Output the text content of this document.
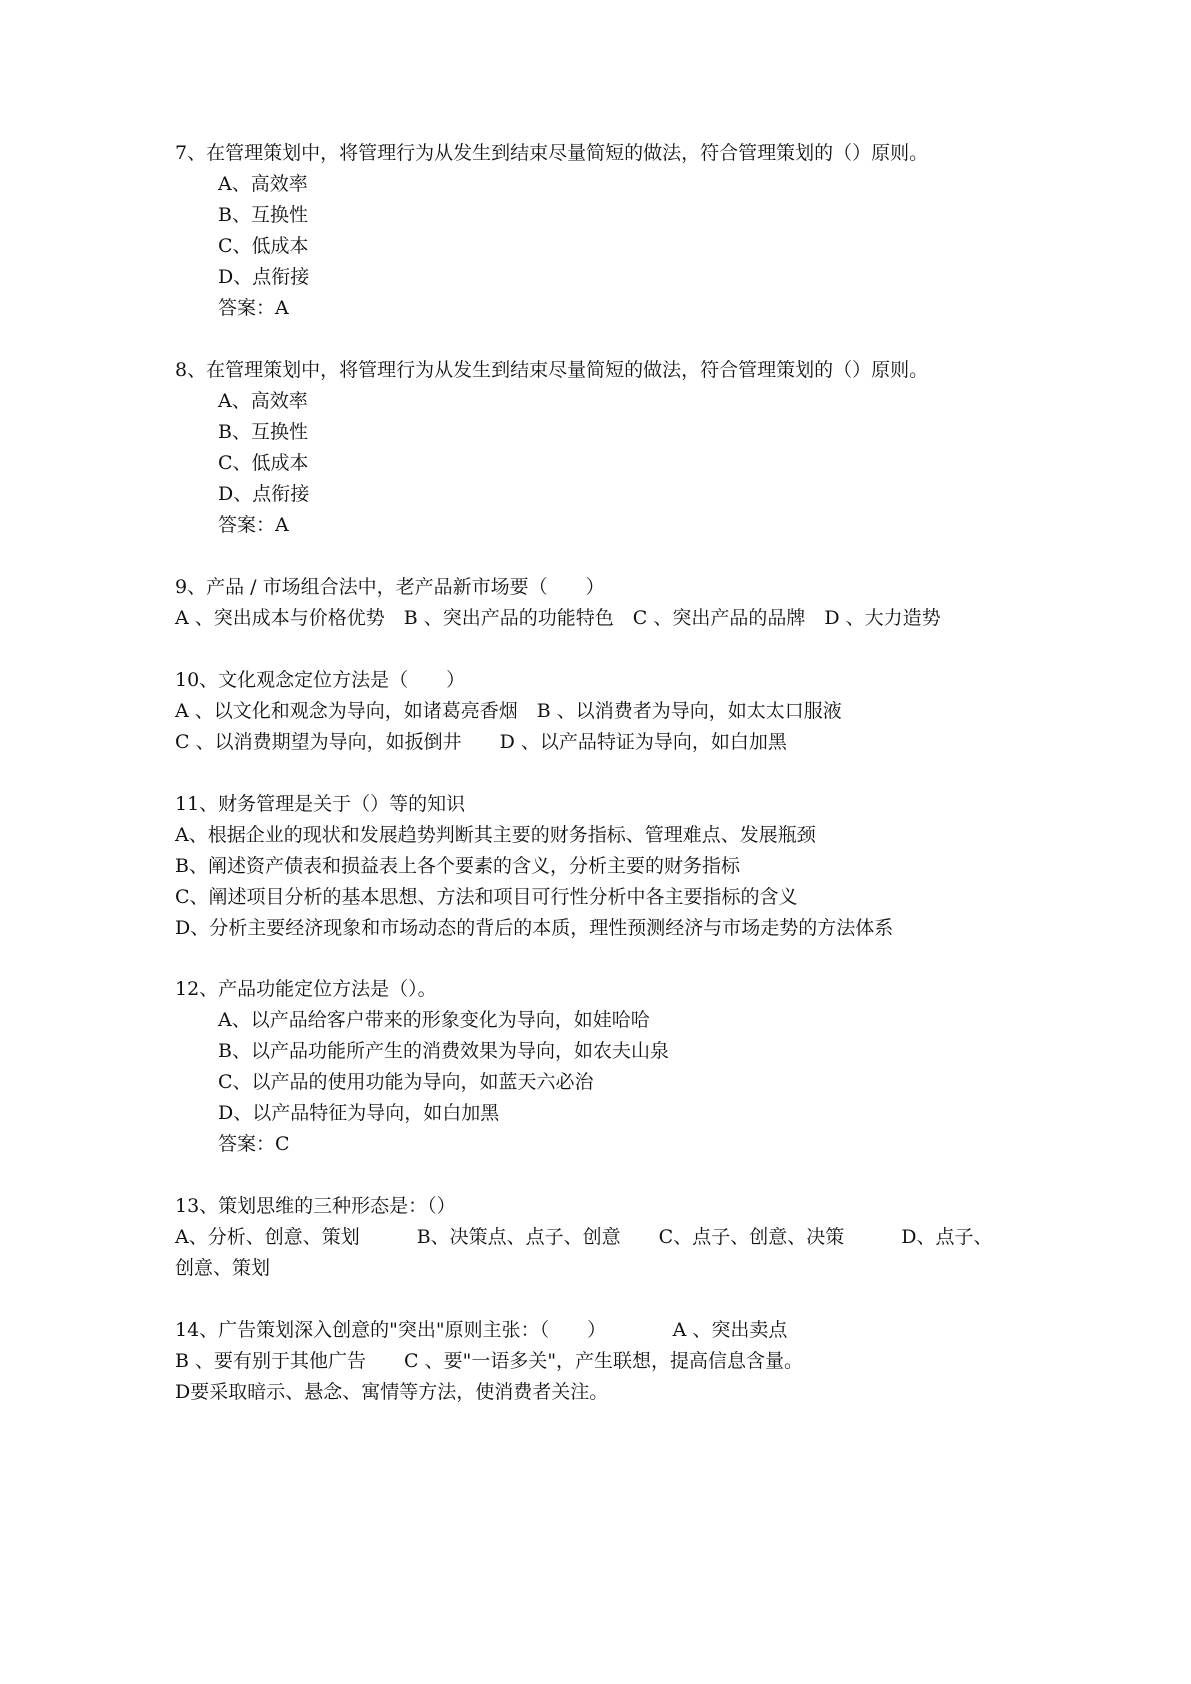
7、在管理策划中，将管理行为从发生到结束尽量简短的做法，符合管理策划的（）原则。
A、高效率
B、互换性
C、低成本
D、点衔接
答案：A
8、在管理策划中，将管理行为从发生到结束尽量简短的做法，符合管理策划的（）原则。
A、高效率
B、互换性
C、低成本
D、点衔接
答案：A
9、产品 / 市场组合法中，老产品新市场要（　　）
A 、突出成本与价格优势　B 、突出产品的功能特色　C 、突出产品的品牌　D 、大力造势
10、文化观念定位方法是（　　）
A 、以文化和观念为导向，如诸葛亮香烟　B 、以消费者为导向，如太太口服液
C 、以消费期望为导向，如扳倒井　　D 、以产品特证为导向，如白加黑
11、财务管理是关于（）等的知识
A、根据企业的现状和发展趋势判断其主要的财务指标、管理难点、发展瓶颈
B、阐述资产债表和损益表上各个要素的含义，分析主要的财务指标
C、阐述项目分析的基本思想、方法和项目可行性分析中各主要指标的含义
D、分析主要经济现象和市场动态的背后的本质，理性预测经济与市场走势的方法体系
12、产品功能定位方法是（）。
A、以产品给客户带来的形象变化为导向，如娃哈哈
B、以产品功能所产生的消费效果为导向，如农夫山泉
C、以产品的使用功能为导向，如蓝天六必治
D、以产品特征为导向，如白加黑
答案：C
13、策划思维的三种形态是：（）
A、分析、创意、策划　　　B、决策点、点子、创意　　C、点子、创意、决策　　　D、点子、
创意、策划
14、广告策划深入创意的"突出"原则主张：（　　）　　　　A 、突出卖点
B 、要有别于其他广告　　C 、要"一语多关"，产生联想，提高信息含量。
D要采取暗示、悬念、寓情等方法，使消费者关注。
